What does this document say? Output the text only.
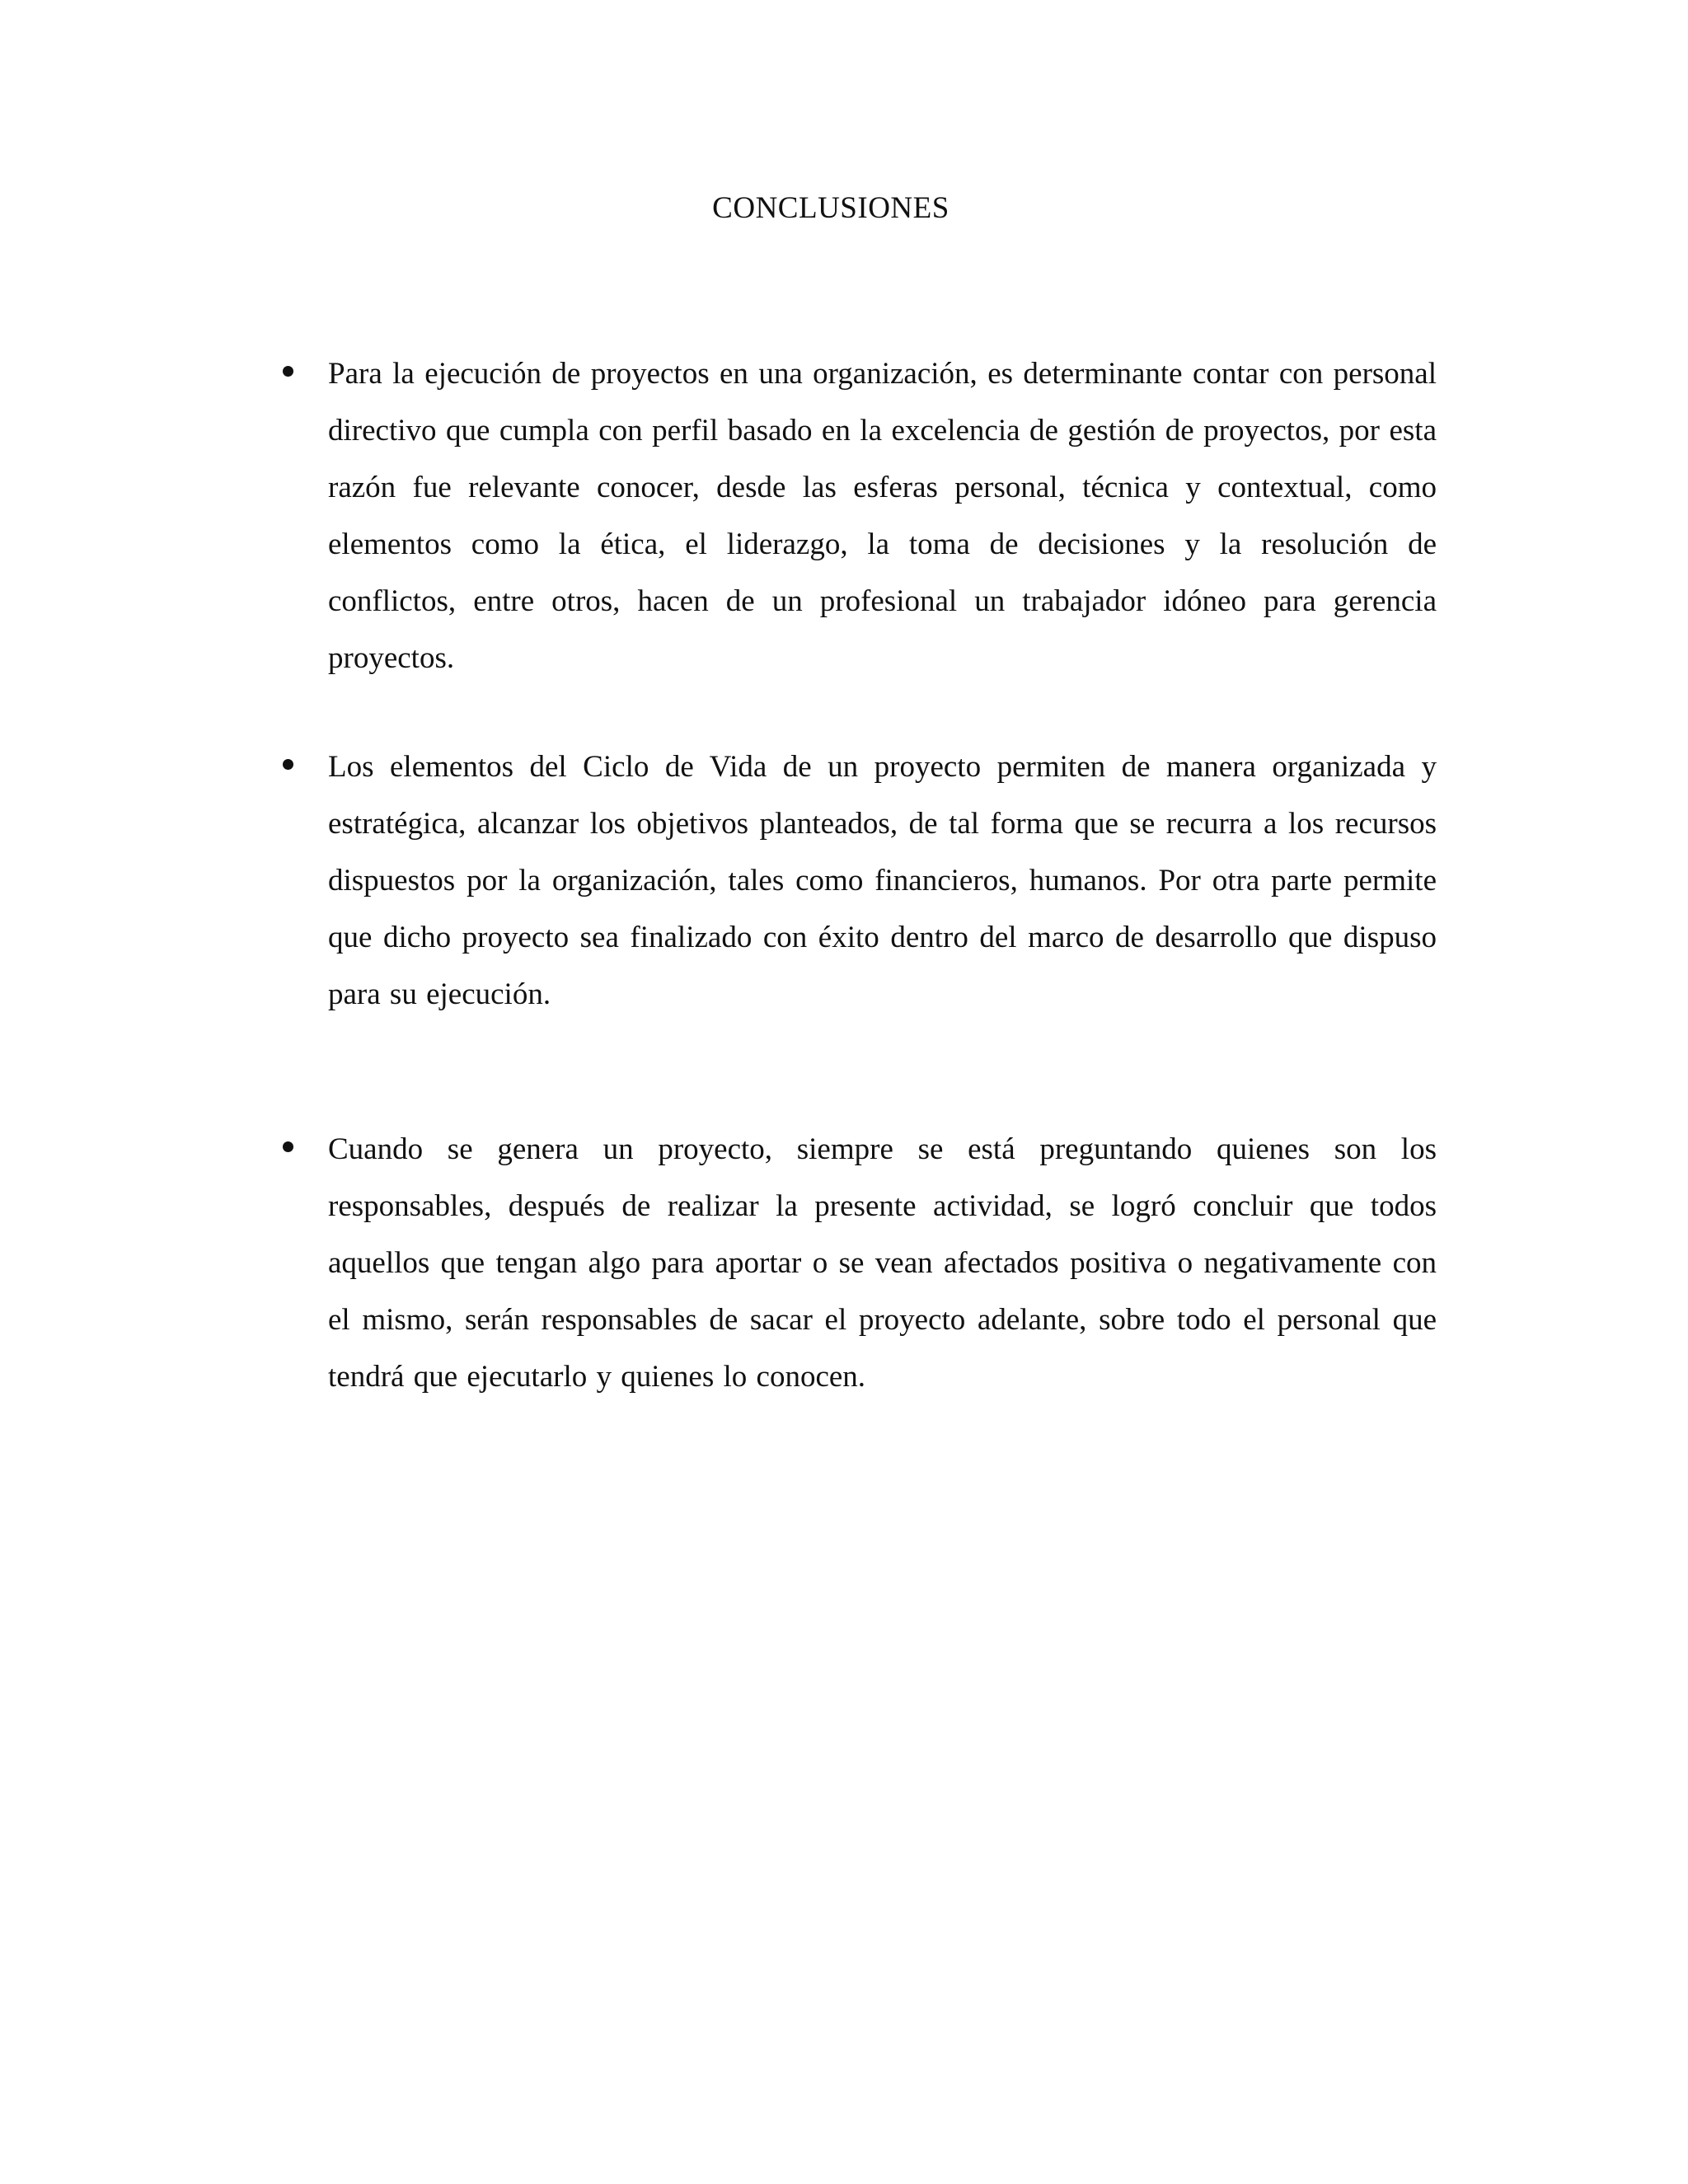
CONCLUSIONES

Para la ejecución de proyectos en una organización, es determinante contar con personal directivo que cumpla con perfil basado en la excelencia de gestión de proyectos, por esta razón fue relevante conocer, desde las esferas personal, técnica y contextual, como elementos como la ética, el liderazgo, la toma de decisiones y la resolución de conflictos, entre otros, hacen de un profesional un trabajador idóneo para gerencia proyectos.

Los elementos del Ciclo de Vida de un proyecto permiten de manera organizada y estratégica, alcanzar los objetivos planteados, de tal forma que se recurra a los recursos dispuestos por la organización, tales como financieros, humanos. Por otra parte permite que dicho proyecto sea finalizado con éxito dentro del marco de desarrollo que dispuso para su ejecución.

Cuando se genera un proyecto, siempre se está preguntando quienes son los responsables, después de realizar la presente actividad, se logró concluir que todos aquellos que tengan algo para aportar o se vean afectados positiva o negativamente con el mismo, serán responsables de sacar el proyecto adelante, sobre todo el personal que tendrá que ejecutarlo y quienes lo conocen.
